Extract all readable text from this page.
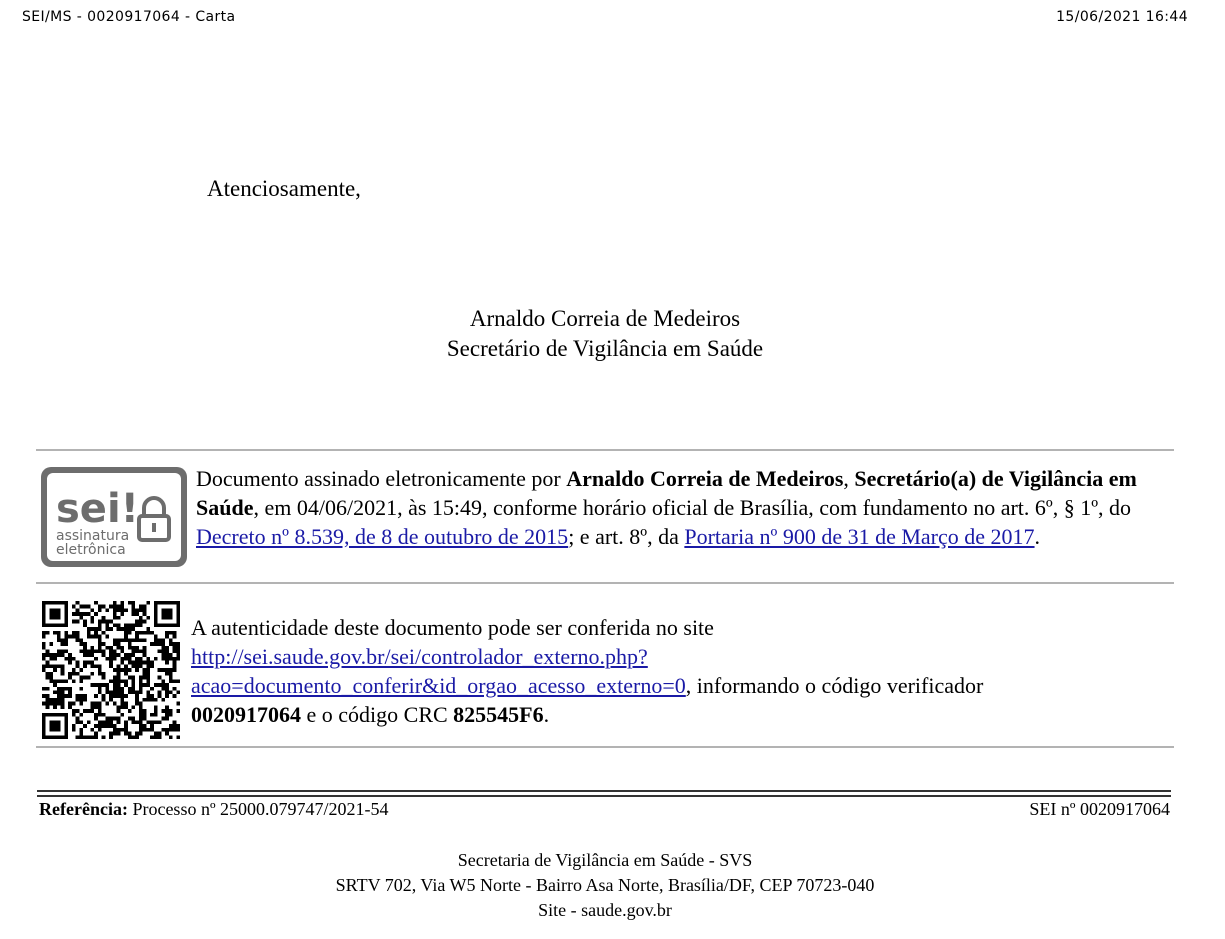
SEI/MS - 0020917064 - Carta	15/06/2021 16:44
Atenciosamente,
Arnaldo Correia de Medeiros
Secretário de Vigilância em Saúde
sei!
assinatura
eletrônica
Documento assinado eletronicamente por Arnaldo Correia de Medeiros, Secretário(a) de Vigilância em Saúde, em 04/06/2021, às 15:49, conforme horário oficial de Brasília, com fundamento no art. 6º, § 1º, do Decreto nº 8.539, de 8 de outubro de 2015; e art. 8º, da Portaria nº 900 de 31 de Março de 2017.
A autenticidade deste documento pode ser conferida no site
http://sei.saude.gov.br/sei/controlador_externo.php?
acao=documento_conferir&id_orgao_acesso_externo=0, informando o código verificador
0020917064 e o código CRC 825545F6.
Referência: Processo nº 25000.079747/2021-54	SEI nº 0020917064
Secretaria de Vigilância em Saúde - SVS
SRTV 702, Via W5 Norte - Bairro Asa Norte, Brasília/DF, CEP 70723-040
Site - saude.gov.br
